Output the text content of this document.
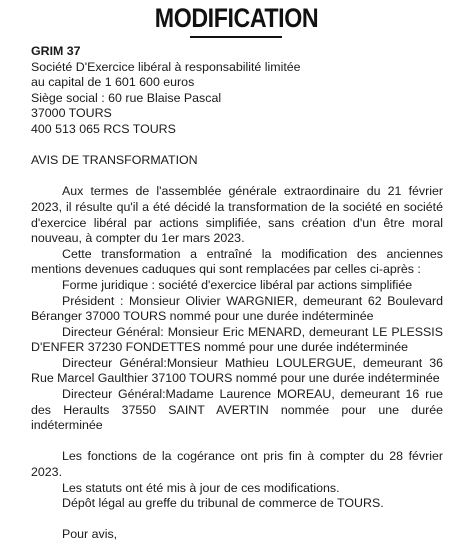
MODIFICATION
GRIM 37
Société D'Exercice libéral à responsabilité limitée
au capital de 1 601 600 euros
Siège social : 60 rue Blaise Pascal
37000 TOURS
400 513 065 RCS TOURS
AVIS DE TRANSFORMATION
Aux termes de l'assemblée générale extraordinaire du 21 février 2023, il résulte qu'il a été décidé la transformation de la société en société d'exercice libéral par actions simplifiée, sans création d'un être moral nouveau, à compter du 1er mars 2023.
Cette transformation a entraîné la modification des anciennes mentions devenues caduques qui sont remplacées par celles ci-après :
Forme juridique : société d'exercice libéral par actions simplifiée
Président : Monsieur Olivier WARGNIER, demeurant 62 Boulevard Béranger 37000 TOURS nommé pour une durée indéterminée
Directeur Général: Monsieur Eric MENARD, demeurant LE PLESSIS D'ENFER 37230 FONDETTES nommé pour une durée indéterminée
Directeur Général:Monsieur Mathieu LOULERGUE, demeurant 36 Rue Marcel Gaulthier 37100 TOURS nommé pour une durée indéterminée
Directeur Général:Madame Laurence MOREAU, demeurant 16 rue des Heraults 37550 SAINT AVERTIN nommée pour une durée indéterminée
Les fonctions de la cogérance ont pris fin à compter du 28 février 2023.
Les statuts ont été mis à jour de ces modifications.
Dépôt légal au greffe du tribunal de commerce de TOURS.
Pour avis,
